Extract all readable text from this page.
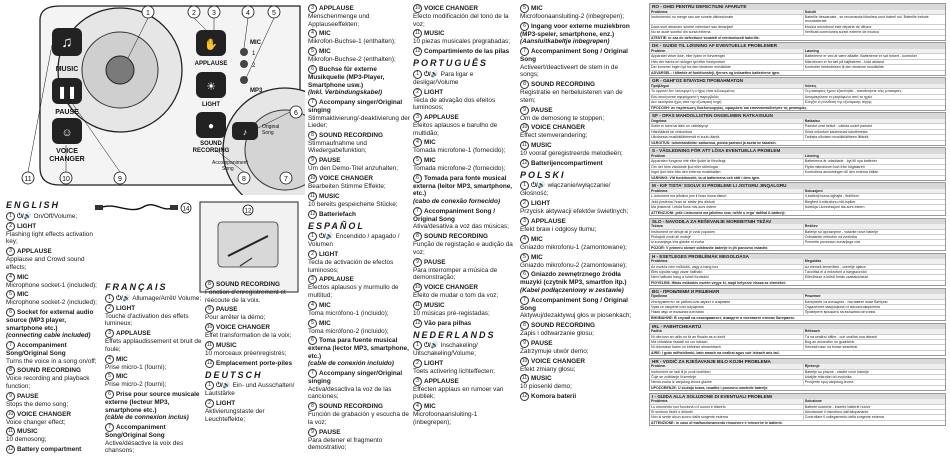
♫
MUSIC
❚❚
PAUSE
☺
VOICE
CHANGER
✋
APPLAUSE
☀
LIGHT
●
SOUND
RECORDING
MIC
1
2
MP3
♪	Original
Song
Accompaniment
Song
1	2 3	4	5
6
7
8
9
10
11
14	12
ENGLISH
1 ⏻/🔊 On/Off/Volume;
2 LIGHT
Flashing light effects activation key;
3 APPLAUSE
Applause and Crowd sound effects;
4 MIC
Microphone socket-1 (included);
5 MIC
Microphone socket-2 (included);
6 Socket for external audio source (MP3 player, smartphone etc.)
(connecting cable included)

7 Accompaniment Song/Original Song
Turns the voice in a song on/off;
8 SOUND RECORDING
Voice recording and playback function;
9 PAUSE
Stops the demo song;
10 VOICE CHANGER
Voice changer effect;
11 MUSIC
10 demosong;
12 Battery compartment

FRANÇAIS
1 ⏻/🔊 Allumage/Arrêt/ Volume;
2 LIGHT
Touche d'activation des effets lumineux;
3 APPLAUSE
Effets applaudissement et bruit de foule;
4 MIC
Prise micro-1 (fourni);
5 MIC
Prise micro-2 (fourni);
6 Prise pour source musicale externe (lecteur MP3, smartphone etc.)
(câble de connexion inclus)

7 Accompaniment Song/Original Song
Active/désactive la voix des chansons;
8 SOUND RECORDING
Fonction d'enregistrement et réécoute de la voix.
9 PAUSE
Pour arrêter la démo;
10 VOICE CHANGER
Effet transformation de la voix;
11 MUSIC
10 morceaux préenregistrés;
12 Emplacement porte-piles

DEUTSCH
1 ⏻/🔊 Ein- und Ausschalten/ Lautstärke
2 LIGHT
Aktivierungstaste der Leuchteffekte;
3 APPLAUSE
Menschenmenge und Applauseeffekten;
4 MIC
Mikrofon-Buchse-1 (enthalten);
5 MIC
Mikrofon-Buchse-2 (enthalten);
6 Buchse für externe Musikquelle (MP3-Player, Smartphone usw.)
(Inkl. Verbindungskabel)

7 Accompany singer/Original singing
Stimmaktivierung/-deaktivierung der Lieder;
8 SOUND RECORDING
Stimmaufnahme und Wiedergabefunktion;
9 PAUSE
Um den Demo-Titel anzuhalten;
10 VOICE CHANGER
Bearbeiten Stimme Effekte;
11 MUSIC
10 bereits gespeicherte Stücke;
12 Batteriefach

ESPAÑOL
1 ⏻/🔊 Encendido / apagado / Volumen
2 LIGHT
Tecla de activación de efectos luminosos;
3 APPLAUSE
Efectos aplausos y murmullo de multitud;
4 MIC
Toma micrófono-1 (incluido);
5 MIC
Toma micrófono-2 (incluido);
6 Toma para fuente musical externa (lector MP3, smartphone, etc.)
(cable de conexión incluido)

7 Accompany singer/Original singing
Activa/desactiva la voz de las canciones;
8 SOUND RECORDING
Función de grabación y escucha de la voz;
9 PAUSE
Para detener el fragmento demostrativo;
10 VOICE CHANGER
Efecto modificación del tono de la voz;
11 MUSIC
10 piezas musicales pregrabadas;
12 Compartimiento de las pilas

PORTUGUÊS
1 ⏻/🔊 Para ligar e desligar/Volume
2 LIGHT
Tecla de ativação dos efeitos luminosos;
3 APPLAUSE
Efeitos aplausos e barulho de multidão;
4 MIC
Tomada microfone-1 (fornecido);
5 MIC
Tomada microfone-2 (fornecido);
6 Tomada para fonte musical externa (leitor MP3, smartphone, etc.)
(cabo de conexão fornecido)

7 Accompaniment Song / Original Song
Ativa/desativa a voz das músicas;
8 SOUND RECORDING
Função de registação e audição da voz;
9 PAUSE
Para interromper a música de demonstração;
10 VOICE CHANGER
Efeito de mudar o tom da voz;
11 MUSIC
10 músicas pré-registadas;
12 Vão para pilhas

NEDERLANDS
1 ⏻/🔊 Inschakeling/ Uitschakeling/Volume;
2 LIGHT
Toets activering lichteffecten;
3 APPLAUSE
Effecten applaus en rumoer van publiek;
4 MIC
Microfoonaansluiting-1 (inbegrepen);
5 MIC
Microfoonaansluiting-2 (inbegrepen);
6 Ingang voor externe muziekbron (MP3-speler, smartphone, enz.)
(Aansluitkabeltje inbegrepen)

7 Accompaniment Song / Original Song
Activeert/deactiveert de stem in de songs;
8 SOUND RECORDING
Registratie en herbeluisteren van de stem;
9 PAUSE
Om de demosong te stoppen;
10 VOICE CHANGER
Effect stemverandering;
11 MUSIC
10 vooraf geregistreerde melodieën;
12 Batterijencompartiment

POLSKI
1 ⏻/🔊 włączanie/wyłączanie/ Głośność;
2 LIGHT
Przycisk aktywacji efektów świetlnych;
3 APPLAUSE
Efekt braw i odgłosy tłumu;
4 MIC
Gniazdo mikrofonu-1 (zamontowane);
5 MIC
Gniazdo mikrofonu-2 (zamontowane);
6 Gniazdo zewnętrznego źródła muzyki (czytnik MP3, smartfon itp.)
(Kabel podłączeniowy w zestawie)

7 Accompaniment Song / Original Song
Aktywuj/dezaktywuj głos w piosenkach;
8 SOUND RECORDING
Zapis i odtwarzanie głosu;
9 PAUSE
Zatrzymuje utwór demo;
10 VOICE CHANGER
Efekt zmiany głosu;
11 MUSIC
10 piosenki demo;
12 Komora baterii

RO - GHID PENTRU DEFECTIUNI APARUTE
Problema	Solutii
Instrumentul nu merge sau are sunete distorsionate	Bateriile descarcate - se recomanda folosirea unor baterii noi. Bateriile trebuie reconsiderate
Daca sunt ateanare sunete zdrentare sau deranjant	Muzica microfonul este departe de difuzor
Nu se aude sunetul din sursa externa	Verificati conexiunea sursei externe de muzica
ATENTIE: in caz de defectiune scoateti si reintroduceti bateriile.
DK - GUIDE TIL LØSNING AF EVENTUELLE PROBLEMER
Problem	Løsning
Apparatet virker ikke, eller lyden er forvrænget	Batterierne er ved at være afladte. Batterierne er sat forkert - kontroller
Hvis der høres en skinger lyd eller forstyrrelser	Mikrofonen er for tæt på højttaleren - hold afstand
Der kommer ingen lyd fra den eksterne musikkilde	Kontroller forbindelsen til den eksterne musikkilde
ADVARSEL: i tilfælde af funktionsfejl, fjernes og indsættes batterierne igen.
GR - ΟΔΗΓΟΣ ΕΠΙΛΥΣΗΣ ΠΡΟΒΛΗΜΑΤΩΝ
Πρόβλημα	Λύσεις
Το όργανο δεν λειτουργεί ή ο ήχος είναι αλλοιωμένος	Οι μπαταρίες έχουν εξαντληθεί - τοποθετήστε νέες μπαταρίες
Εάν ακούγονται σφυρίγματα ή παρεμβολές	Απομακρύνετε το μικρόφωνο από το ηχείο
Δεν ακούγεται ήχος από την εξωτερική πηγή	Ελέγξτε τη σύνδεση της εξωτερικής πηγής
ΠΡΟΣΟΧΗ: σε περίπτωση δυσλειτουργίας, αφαιρέστε και επανατοποθετήστε τις μπαταρίες.
SF - OPAS MAHDOLLISTEN ONGELMIEN RATKAISUUN
Ongelma	Ratkaisu
Soitin ei toimi tai ääni on vääristynyt	Paristot ovat heikot - vaihda uudet paristot
Häiriöääniä tai vinkumista	Siirrä mikrofoni kauemmas kaiuttimesta
Ulkoisesta musiikkilähteestä ei kuulu ääntä	Tarkista ulkoisen musiikkilähteen liitäntä
VAROITUS: toimintahäiriön sattuessa, poista paristot ja aseta ne takaisin.
S - VÄGLEDNING FÖR ATT LÖSA EVENTUELLA PROBLEM
Problem	Lösning
Apparaten fungerar inte eller ljudet är förvrängt	Batterierna är urladdade - byt till nya batterier
Om det hörs visslande ljud eller störningar	Flytta mikrofonen bort från högtalaren
Inget ljud hörs från den externa musikkällan	Kontrollera anslutningen till den externa källan
VARNING: Vid funktionsfel, ta ut batterierna och sätt i dem igen.
M - KIF TISTA' SSOLVI XI PROBLEMI LI JISTGĦU JINQALGĦU
Problema	Soluzzjoni
L-istrument ma jaħdimx jew il-ħoss huwa distort	Il-batteriji huma dgħajfa - ibdilhom
Jekk jinstema' ħoss ta' sfafar jew disturb	Biegħed il-mikrofonu mill-ispiker
Ma jinstema' l-ebda ħoss mis-sors estern	Iċċekkja l-konnessjoni tas-sors estern
ATTENZJONI: jekk l-istrument ma jaħdimx sew, neħħi u erġa' daħħal il-batteriji.
SLO - NAVODILA ZA REŠEVANJE MOREBITNIH TEŽAV
Težava	Rešitev
Instrument ne deluje ali je zvok popačen	Baterije so izpraznjene - vstavite nove baterije
Piskajoči zvoki ali motnje	Odmaknite mikrofon od zvočnika
Iz zunanjega vira glasbe ni zvoka	Preverite povezavo zunanjega vira
POZOR: V primeru okvare odstranite baterije in jih ponovno vstavite.
H - ESETLEGES PROBLÉMÁK MEGOLDÁSA
Probléma	Megoldás
Az eszköz nem működik, vagy a hang torz	Az elemek lemerültek - cserélje újakra
Éles sípolás vagy zavar hallható	Távolítsa el a mikrofont a hangszórótól
Nem hallható hang a külső forrásból	Ellenőrizze a külső forrás csatlakozását
FIGYELEM: Hibás működés esetén vegye ki, majd helyezze vissza az elemeket.
BG - ПРОБЛЕМИ И РЕШЕНИЯ
Проблем	Решение
Инструментът не работи или звукът е изкривен	Батериите са изтощени - поставете нови батерии
Чува се свирене или смущения	Отдалечете микрофона от високоговорителя
Няма звук от външния източник	Проверете връзката на външния източник
ВНИМАНИЕ: В случай на неизправност, извадете и поставете отново батериите.
IRL - FABHTCHEARTÚ
Fadhb	Réiteach
Ní oibríonn an uirlis nó tá an fhuaim as a riocht	Tá na ceallraí ídithe - cuir ceallraí nua isteach
Má chloistear feadaíl nó cur isteach	Bog an micreafón ón gcainteoir
Ní chloistear fuaim ón bhfoinse sheachtrach	Seiceáil nasc na foinse seachtraí
AIRE: I gcás mífheidhmiú, bain amach na ceallraí agus cuir isteach arís iad.
HR - VODIČ ZA RJEŠAVANJE BILO KOJIH PROBLEMA
Problem	Rješenje
Instrument ne radi ili je zvuk izobličen	Baterije su prazne - stavite nove baterije
Čuje se zviždanje ili smetnje	Udaljite mikrofon od zvučnika
Nema zvuka iz vanjskog izvora glazbe	Provjerite spoj vanjskog izvora
UPOZORENJE: U slučaju kvara, izvadite i ponovno umetnite baterije.
I - GUIDA ALLA SOLUZIONE DI EVENTUALI PROBLEMI
Problema	Soluzione
Lo strumento non funziona o il suono è distorto	Batterie scariche - inserire batterie nuove
Si sentono fischi o disturbi	Allontanare il microfono dall'altoparlante
Non si sente alcun suono dalla sorgente esterna	Controllare il collegamento della sorgente esterna
ATTENZIONE: in caso di malfunzionamento rimuovere e reinserire le batterie.
